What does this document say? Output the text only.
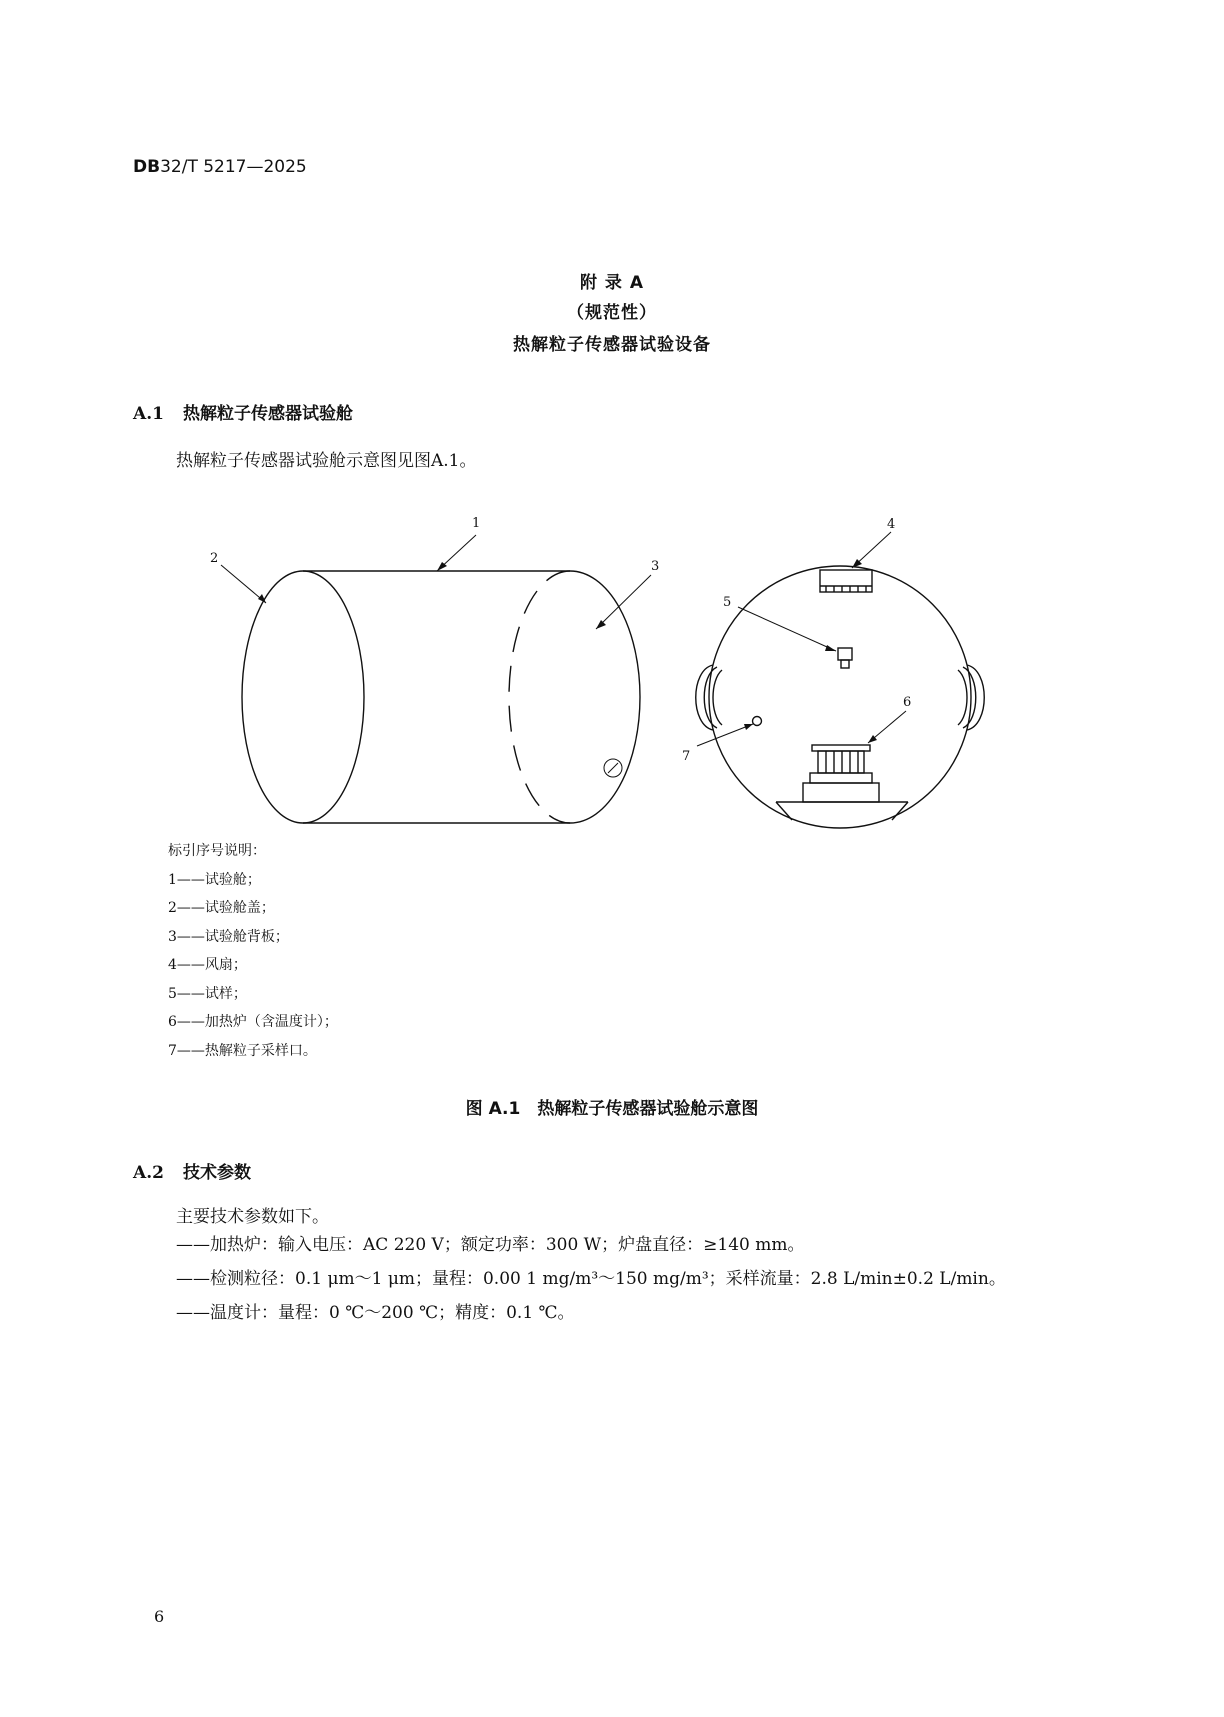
DB32/T 5217—2025
附 录 A
（规范性）
热解粒子传感器试验设备
A.1 热解粒子传感器试验舱
热解粒子传感器试验舱示意图见图A.1。
1
2
3
4
5
6
7
标引序号说明：
1——试验舱；
2——试验舱盖；
3——试验舱背板；
4——风扇；
5——试样；
6——加热炉（含温度计）；
7——热解粒子采样口。
图 A.1　热解粒子传感器试验舱示意图
A.2 技术参数
主要技术参数如下。
——加热炉：输入电压：AC 220 V；额定功率：300 W；炉盘直径：≥140 mm。
——检测粒径：0.1 μm～1 μm；量程：0.00 1 mg/m³～150 mg/m³；采样流量：2.8 L/min±0.2 L/min。
——温度计：量程：0 ℃～200 ℃；精度：0.1 ℃。
6
